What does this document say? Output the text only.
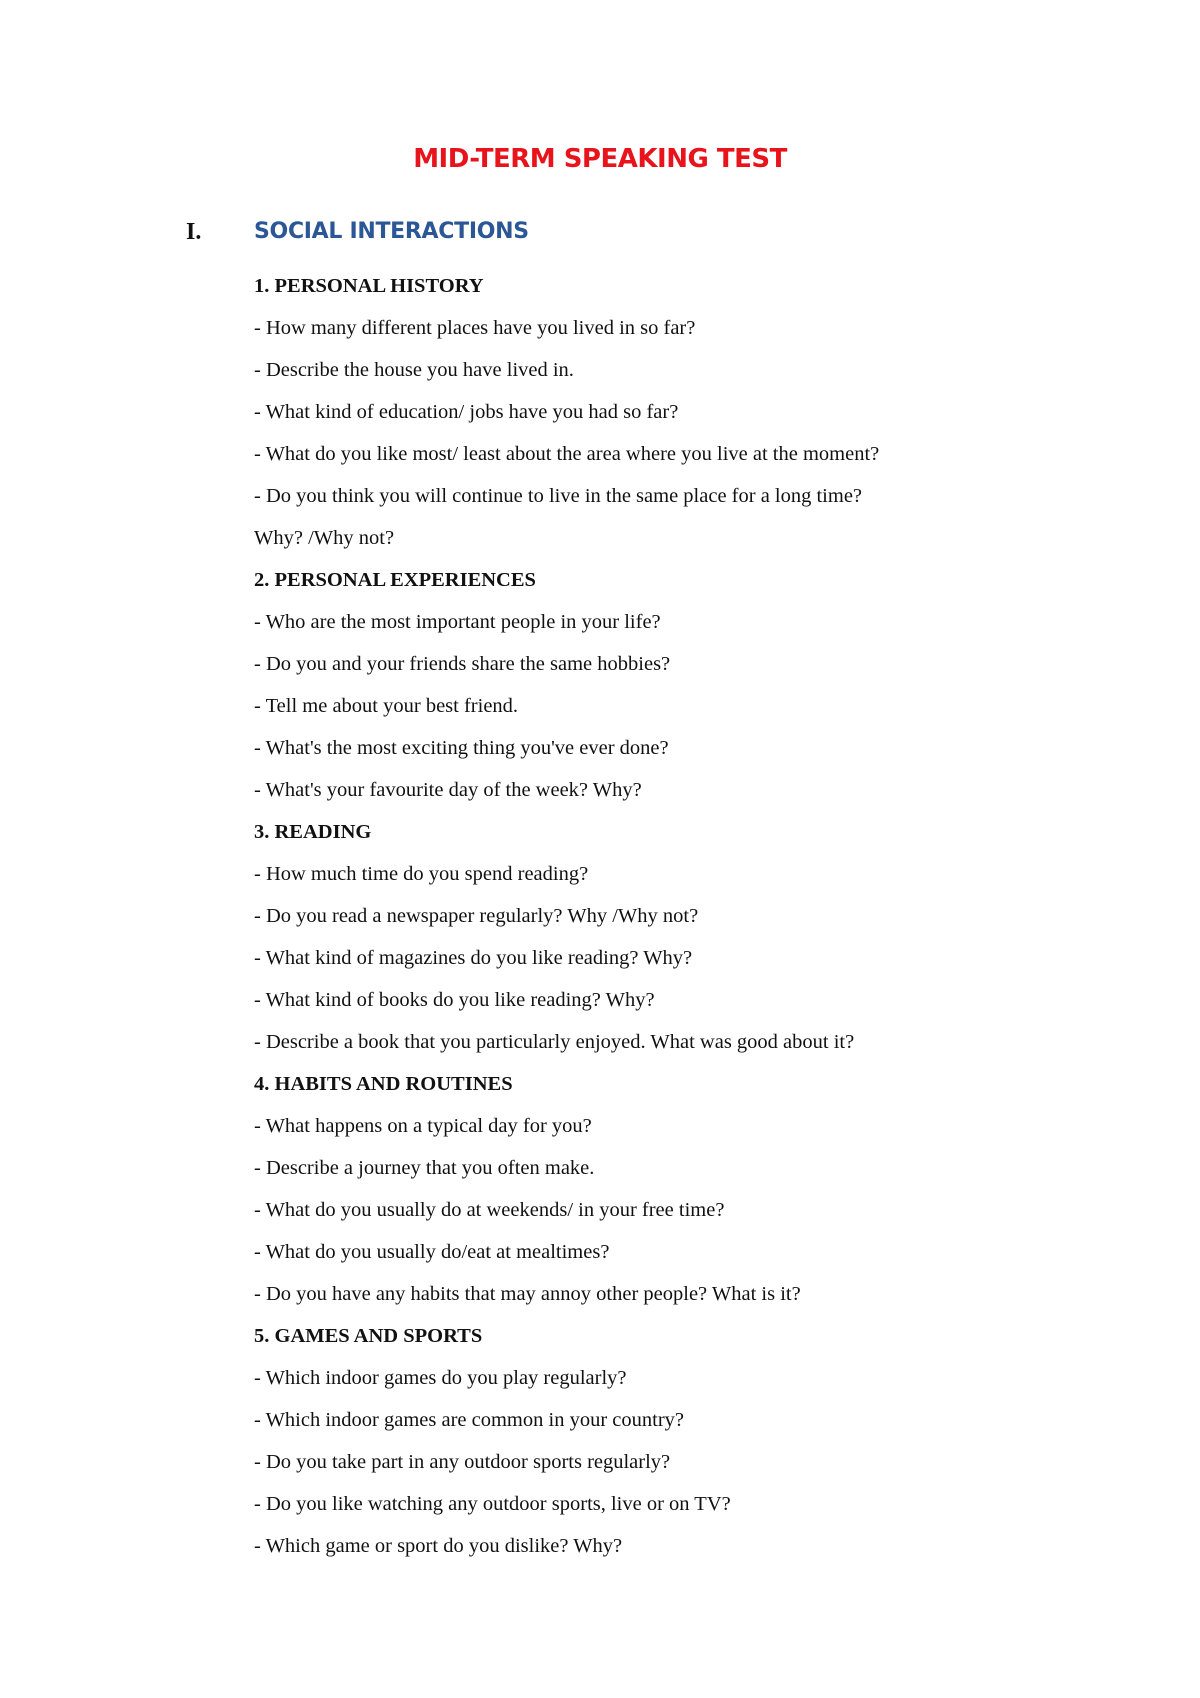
MID-TERM SPEAKING TEST
I. SOCIAL INTERACTIONS
1. PERSONAL HISTORY
- How many different places have you lived in so far?
- Describe the house you have lived in.
- What kind of education/ jobs have you had so far?
- What do you like most/ least about the area where you live at the moment?
- Do you think you will continue to live in the same place for a long time?
Why? /Why not?
2. PERSONAL EXPERIENCES
- Who are the most important people in your life?
- Do you and your friends share the same hobbies?
- Tell me about your best friend.
- What's the most exciting thing you've ever done?
- What's your favourite day of the week? Why?
3. READING
- How much time do you spend reading?
- Do you read a newspaper regularly? Why /Why not?
- What kind of magazines do you like reading? Why?
- What kind of books do you like reading? Why?
- Describe a book that you particularly enjoyed. What was good about it?
4. HABITS AND ROUTINES
- What happens on a typical day for you?
- Describe a journey that you often make.
- What do you usually do at weekends/ in your free time?
- What do you usually do/eat at mealtimes?
- Do you have any habits that may annoy other people? What is it?
5. GAMES AND SPORTS
- Which indoor games do you play regularly?
- Which indoor games are common in your country?
- Do you take part in any outdoor sports regularly?
- Do you like watching any outdoor sports, live or on TV?
- Which game or sport do you dislike? Why?
